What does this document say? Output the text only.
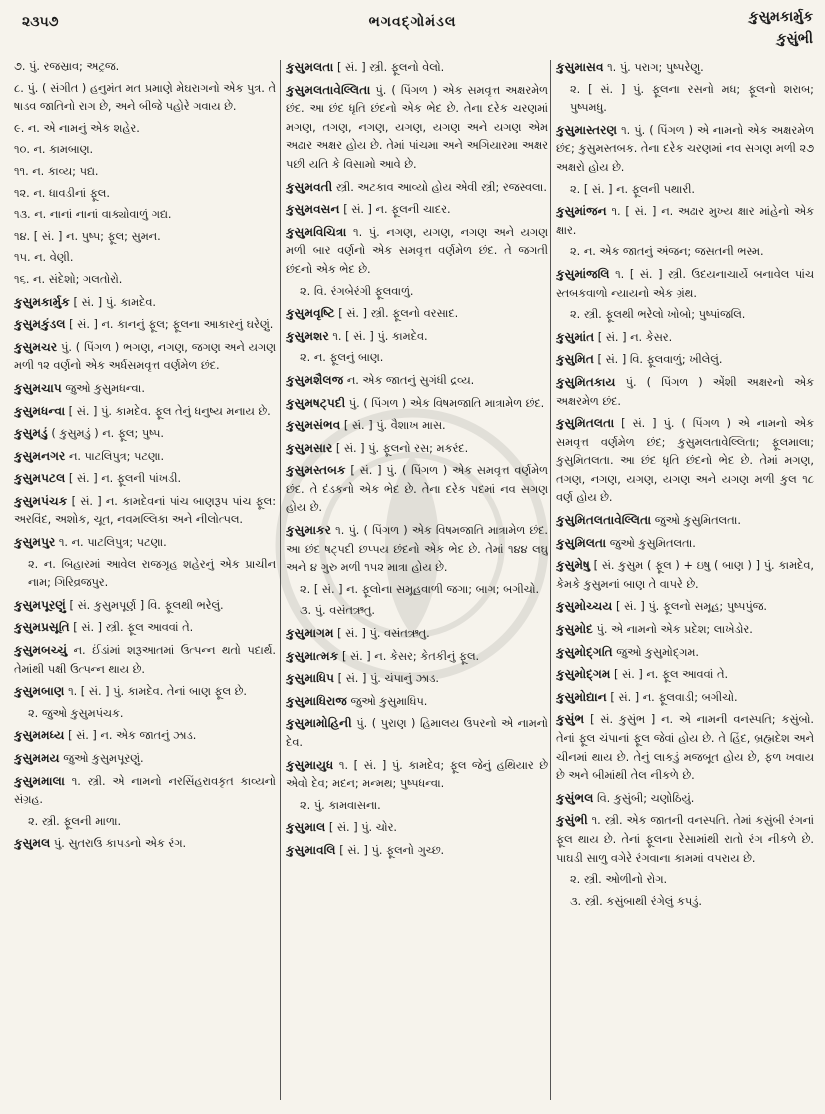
૨૩૫૭	ભગવદ્ગોમંડલ	કુસુમકાર્મુક
કુસુંભી

૭. પું. રજસ્રાવ; અટ્રજ.

૮. પું. ( સંગીત ) હનુમંત મત પ્રમાણે મેઘરાગનો એક પુત્ર. તે ષાડવ જાતિનો રાગ છે, અને બીજે પહોરે ગવાય છે.

૯. ન. એ નામનું એક શહેર.

૧૦. ન. કામબાણ.

૧૧. ન. કાવ્ય; પદ્ય.

૧૨. ન. ધાવડીનાં ફૂલ.

૧૩. ન. નાનાં નાનાં વાક્યોવાળું ગદ્ય.

૧૪. [ સં. ] ન. પુષ્પ; ફૂલ; સુમન.

૧૫. ન. વેણી.

૧૬. ન. સંદેશો; ગલતોરો.

કુસુમકાર્મુક [ સં. ] પું. કામદેવ.

કુસુમકુંડલ [ સં. ] ન. કાનનું ફૂલ; ફૂલના આકારનું ઘરેણું.

કુસુમચર પું. ( પિંગળ ) ભગણ, નગણ, જગણ અને યગણ મળી ૧૨ વર્ણનો એક અર્ધસમવૃત્ત વર્ણમેળ છંદ.

કુસુમચાપ જુઓ કુસુમધન્વા.

કુસુમધન્વા [ સં. ] પું. કામદેવ. ફૂલ તેનું ધનુષ્ય મનાય છે.

કુસુમડું ( કુસુમડું ) ન. ફૂલ; પુષ્પ.

કુસુમનગર ન. પાટલિપુત્ર; પટણા.

કુસુમપટલ [ સં. ] ન. ફૂલની પાંખડી.

કુસુમપંચક [ સં. ] ન. કામદેવનાં પાંચ બાણરૂપ પાંચ ફૂલ: અરવિંદ, અશોક, ચૂત, નવમલ્લિકા અને નીલોત્પલ.

કુસુમપુર ૧. ન. પાટલિપુત્ર; પટણા.

૨. ન. બિહારમાં આવેલ રાજગૃહ શહેરનું એક પ્રાચીન નામ; ગિરિવ્રજપુર.

કુસુમપૂરણું [ સં. કુસુમપૂર્ણ ] વિ. ફૂલથી ભરેલું.

કુસુમપ્રસૂતિ [ સં. ] સ્ત્રી. ફૂલ આવવાં તે.

કુસુમબચ્ચું ન. ઈંડાંમાં શરૂઆતમાં ઉત્પન્ન થતો પદાર્થ. તેમાંથી પક્ષી ઉત્પન્ન થાય છે.

કુસુમબાણ ૧. [ સં. ] પું. કામદેવ. તેનાં બાણ ફૂલ છે.

૨. જુઓ કુસુમપંચક.

કુસુમમધ્ય [ સં. ] ન. એક જાતનું ઝાડ.

કુસુમમય જુઓ કુસુમપૂરણું.

કુસુમમાલા ૧. સ્ત્રી. એ નામનો નરસિંહરાવકૃત કાવ્યનો સંગ્રહ.

૨. સ્ત્રી. ફૂલની માળા.

કુસુમલ પું. સુતરાઉ કાપડનો એક રંગ.

કુસુમલતા [ સં. ] સ્ત્રી. ફૂલનો વેલો.

કુસુમલતાવેલ્લિતા પું. ( પિંગળ ) એક સમવૃત્ત અક્ષરમેળ છંદ. આ છંદ ધૃતિ છંદનો એક ભેદ છે. તેના દરેક ચરણમાં મગણ, તગણ, નગણ, યગણ, યગણ અને યગણ એમ અઢાર અક્ષર હોય છે. તેમાં પાંચમા અને અગિયારમા અક્ષર પછી યતિ કે વિસામો આવે છે.

કુસુમવતી સ્ત્રી. અટકાવ આવ્યો હોય એવી સ્ત્રી; રજસ્વલા.

કુસુમવસન [ સં. ] ન. ફૂલની ચાદર.

કુસુમવિચિત્રા ૧. પું. નગણ, યગણ, નગણ અને યગણ મળી બાર વર્ણનો એક સમવૃત્ત વર્ણમેળ છંદ. તે જગતી છંદનો એક ભેદ છે.

૨. વિ. રંગબેરંગી ફૂલવાળું.

કુસુમવૃષ્ટિ [ સં. ] સ્ત્રી. ફૂલનો વરસાદ.

કુસુમશર ૧. [ સં. ] પું. કામદેવ.

૨. ન. ફૂલનું બાણ.

કુસુમશૈલજ ન. એક જાતનું સુગંધી દ્રવ્ય.

કુસુમષટ્પદી પું. ( પિંગળ ) એક વિષમજાતિ માત્રામેળ છંદ.

કુસુમસંભવ [ સં. ] પું. વૈશાખ માસ.

કુસુમસાર [ સં. ] પું. ફૂલનો રસ; મકરંદ.

કુસુમસ્તબક [ સં. ] પું. ( પિંગળ ) એક સમવૃત્ત વર્ણમેળ છંદ. તે દંડકનો એક ભેદ છે. તેના દરેક પદમાં નવ સગણ હોય છે.

કુસુમાકર ૧. પું. ( પિંગળ ) એક વિષમજાતિ માત્રામેળ છંદ. આ છંદ ષટ્પદી છપ્પય છંદનો એક ભેદ છે. તેમાં ૧૪૪ લઘુ અને ૪ ગુરુ મળી ૧૫૨ માત્રા હોય છે.

૨. [ સં. ] ન. ફૂલોના સમૂહવાળી જગા; બાગ; બગીચો.

૩. પું. વસંતઋતુ.

કુસુમાગમ [ સં. ] પું. વસંતઋતુ.

કુસુમાત્મક [ સં. ] ન. કેસર; કેતકીનું ફૂલ.

કુસુમાધિપ [ સં. ] પું. ચંપાનું ઝાડ.

કુસુમાધિરાજ જુઓ કુસુમાધિપ.

કુસુમામોહિની પું. ( પુરાણ ) હિમાલય ઉપરનો એ નામનો દેવ.

કુસુમાયુધ ૧. [ સં. ] પું. કામદેવ; ફૂલ જેનું હથિયાર છે એવો દેવ; મદન; મન્મથ; પુષ્પધન્વા.

૨. પું. કામવાસના.

કુસુમાલ [ સં. ] પું. ચોર.

કુસુમાવલિ [ સં. ] પું. ફૂલનો ગુચ્છ.

કુસુમાસવ ૧. પું. પરાગ; પુષ્પરેણુ.

૨. [ સં. ] પું. ફૂલના રસનો મધ; ફૂલનો શરાબ; પુષ્પમધુ.

કુસુમાસ્તરણ ૧. પું. ( પિંગળ ) એ નામનો એક અક્ષરમેળ છંદ; કુસુમસ્તબક. તેના દરેક ચરણમાં નવ સગણ મળી ૨૭ અક્ષરો હોય છે.

૨. [ સં. ] ન. ફૂલની પથારી.

કુસુમાંજન ૧. [ સં. ] ન. અઢાર મુખ્ય ક્ષાર માંહેનો એક ક્ષાર.

૨. ન. એક જાતનું અંજન; જસતની ભસ્મ.

કુસુમાંજલિ ૧. [ સં. ] સ્ત્રી. ઉદયનાચાર્યે બનાવેલ પાંચ સ્તબકવાળો ન્યાયનો એક ગ્રંથ.

૨. સ્ત્રી. ફૂલથી ભરેલો ખોબો; પુષ્પાંજલિ.

કુસુમાંત [ સં. ] ન. કેસર.

કુસુમિત [ સં. ] વિ. ફૂલવાળું; ખીલેલું.

કુસુમિતકાય પું. ( પિંગળ ) એંશી અક્ષરનો એક અક્ષરમેળ છંદ.

કુસુમિતલતા [ સં. ] પું. ( પિંગળ ) એ નામનો એક સમવૃત્ત વર્ણમેળ છંદ; કુસુમલતાવેલ્લિતા; ફૂલમાલા; કુસુમિતલતા. આ છંદ ધૃતિ છંદનો ભેદ છે. તેમાં મગણ, તગણ, નગણ, યગણ, યગણ અને યગણ મળી કુલ ૧૮ વર્ણ હોય છે.

કુસુમિતલતાવેલ્લિતા જુઓ કુસુમિતલતા.

કુસુમિલતા જુઓ કુસુમિતલતા.

કુસુમેષુ [ સં. કુસુમ ( ફૂલ ) + ઇષુ ( બાણ ) ] પું. કામદેવ, કેમકે કુસુમનાં બાણ તે વાપરે છે.

કુસુમોચ્ચય [ સં. ] પું. ફૂલનો સમૂહ; પુષ્પપુંજ.

કુસુમોદ પું. એ નામનો એક પ્રદેશ; લાખેડોર.

કુસુમોદ્ગતિ જુઓ કુસુમોદ્ગમ.

કુસુમોદ્ગમ [ સં. ] ન. ફૂલ આવવાં તે.

કુસુમોદ્યાન [ સં. ] ન. ફૂલવાડી; બગીચો.

કુસુંભ [ સં. કુસુંભ ] ન. એ નામની વનસ્પતિ; કસુંબો. તેનાં ફૂલ ચંપાનાં ફૂલ જેવાં હોય છે. તે હિંદ, બ્રહ્મદેશ અને ચીનમાં થાય છે. તેનું લાકડું મજબૂત હોય છે, ફળ ખવાય છે અને બીમાંથી તેલ નીકળે છે.

કુસુંભલ વિ. કુસુંબી; ચણોઠિયું.

કુસુંભી ૧. સ્ત્રી. એક જાતની વનસ્પતિ. તેમાં કસુંબી રંગનાં ફૂલ થાય છે. તેનાં ફૂલના રેસામાંથી રાતો રંગ નીકળે છે. પાઘડી સાળુ વગેરે રંગવાના કામમાં વપરાય છે.

૨. સ્ત્રી. ઓળીનો રોગ.

૩. સ્ત્રી. કસુંબાથી રંગેલું કપડું.
